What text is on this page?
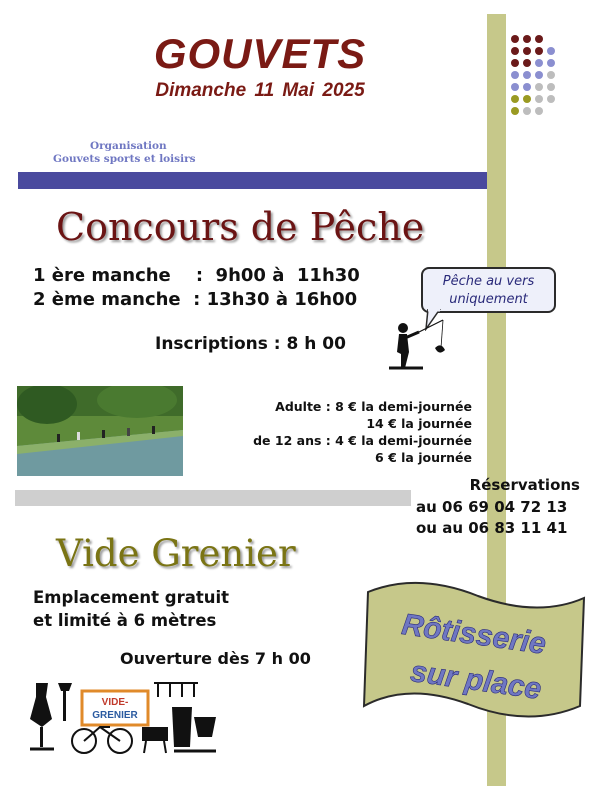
GOUVETS
Dimanche 11 Mai 2025
Organisation
Gouvets sports et loisirs
Concours de Pêche
1 ère manche    :  9h00 à  11h30
2 ème manche  : 13h30 à 16h00
Pêche au vers
uniquement
Inscriptions : 8 h 00
Adulte : 8 € la demi-journée
14 € la journée
de 12 ans : 4 € la demi-journée
6 € la journée
Réservations
au 06 69 04 72 13
ou au 06 83 11 41
Vide Grenier
Emplacement gratuit
et limité à 6 mètres
Ouverture dès 7 h 00	Rôtisserie
sur place
VIDE-
GRENIER
